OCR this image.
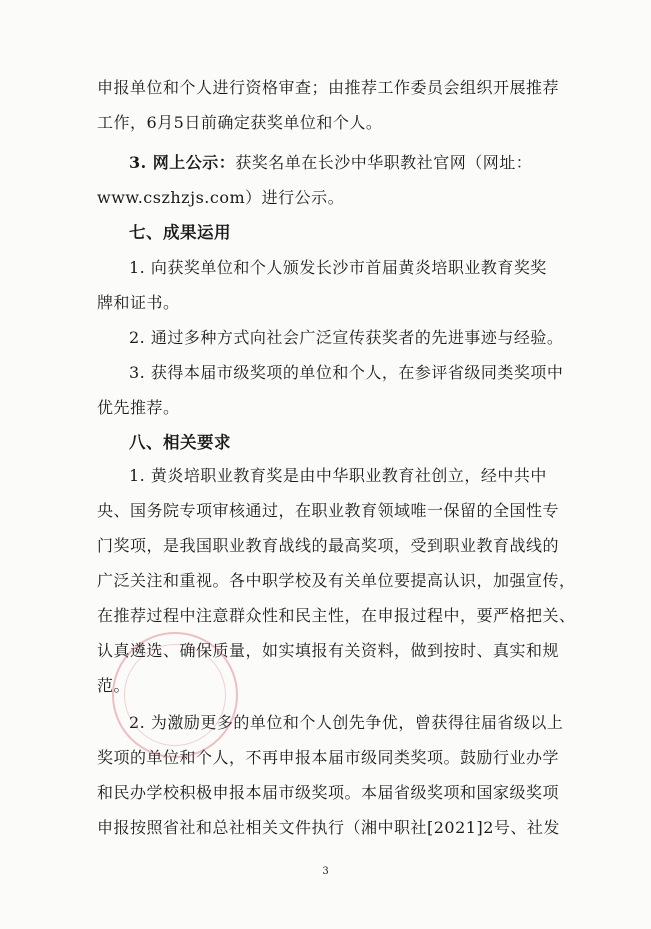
申报单位和个人进行资格审查；由推荐工作委员会组织开展推荐
工作，6月5日前确定获奖单位和个人。
3. 网上公示：获奖名单在长沙中华职教社官网（网址：
www.cszhzjs.com）进行公示。
七、成果运用
1. 向获奖单位和个人颁发长沙市首届黄炎培职业教育奖奖
牌和证书。
2. 通过多种方式向社会广泛宣传获奖者的先进事迹与经验。
3. 获得本届市级奖项的单位和个人，在参评省级同类奖项中
优先推荐。
八、相关要求
1. 黄炎培职业教育奖是由中华职业教育社创立，经中共中
央、国务院专项审核通过，在职业教育领域唯一保留的全国性专
门奖项，是我国职业教育战线的最高奖项，受到职业教育战线的
广泛关注和重视。各中职学校及有关单位要提高认识，加强宣传，
在推荐过程中注意群众性和民主性，在申报过程中，要严格把关、
认真遴选、确保质量，如实填报有关资料，做到按时、真实和规
范。
2. 为激励更多的单位和个人创先争优，曾获得往届省级以上
奖项的单位和个人，不再申报本届市级同类奖项。鼓励行业办学
和民办学校积极申报本届市级奖项。本届省级奖项和国家级奖项
申报按照省社和总社相关文件执行（湘中职社[2021]2号、社发
3
